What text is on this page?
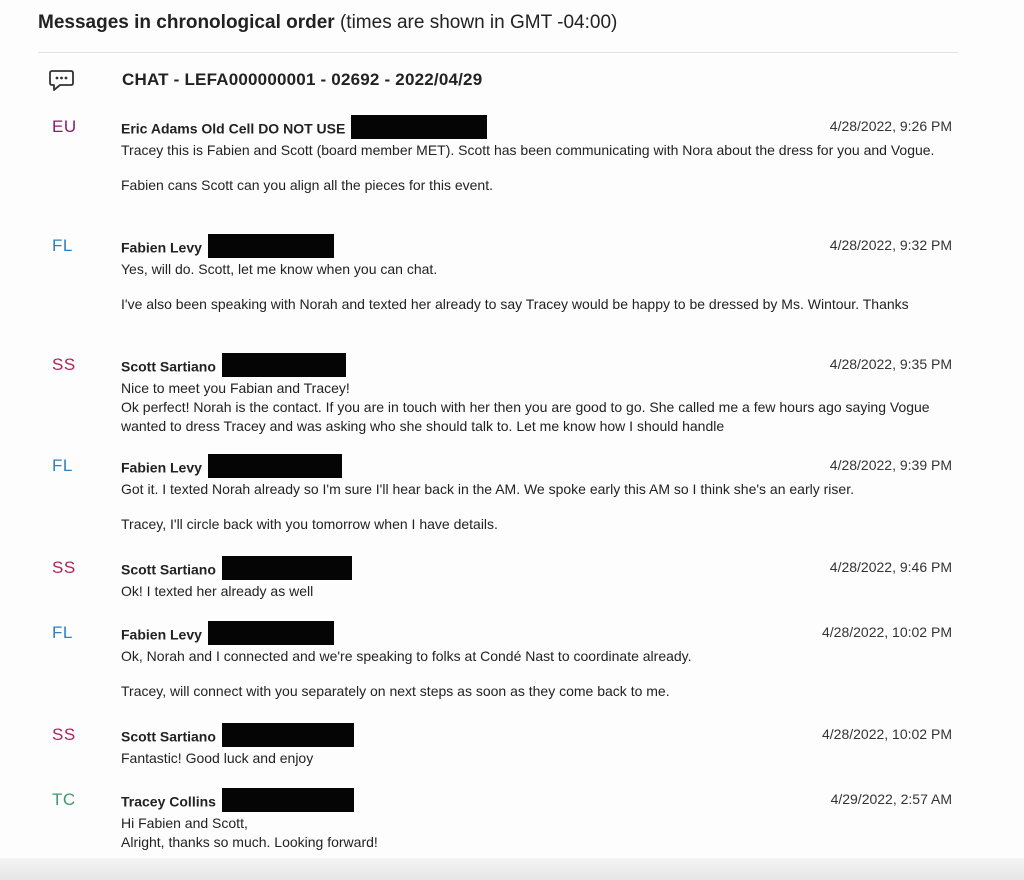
Messages in chronological order (times are shown in GMT -04:00)
CHAT - LEFA000000001 - 02692 - 2022/04/29
EU	Eric Adams Old Cell DO NOT USE	4/28/2022, 9:26 PM

Tracey this is Fabien and Scott (board member MET). Scott has been communicating with Nora about the dress for you and Vogue.

Fabien cans Scott can you align all the pieces for this event.

FL	Fabien Levy	4/28/2022, 9:32 PM

Yes, will do. Scott, let me know when you can chat.

I've also been speaking with Norah and texted her already to say Tracey would be happy to be dressed by Ms. Wintour. Thanks

SS	Scott Sartiano	4/28/2022, 9:35 PM

Nice to meet you Fabian and Tracey!
Ok perfect! Norah is the contact. If you are in touch with her then you are good to go. She called me a few hours ago saying Vogue wanted to dress Tracey and was asking who she should talk to. Let me know how I should handle

FL	Fabien Levy	4/28/2022, 9:39 PM

Got it. I texted Norah already so I'm sure I'll hear back in the AM. We spoke early this AM so I think she's an early riser.

Tracey, I'll circle back with you tomorrow when I have details.

SS	Scott Sartiano	4/28/2022, 9:46 PM

Ok! I texted her already as well

FL	Fabien Levy	4/28/2022, 10:02 PM

Ok, Norah and I connected and we're speaking to folks at Condé Nast to coordinate already.

Tracey, will connect with you separately on next steps as soon as they come back to me.

SS	Scott Sartiano	4/28/2022, 10:02 PM

Fantastic! Good luck and enjoy

TC	Tracey Collins	4/29/2022, 2:57 AM

Hi Fabien and Scott,
Alright, thanks so much. Looking forward!
